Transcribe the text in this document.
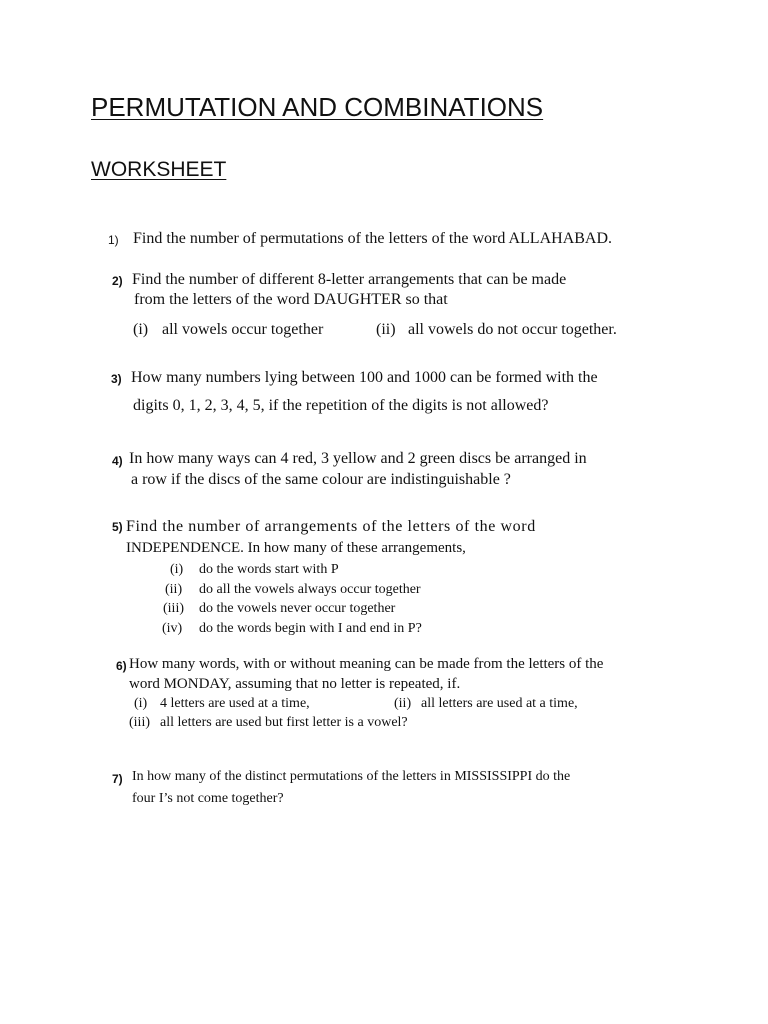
PERMUTATION AND COMBINATIONS
WORKSHEET
1) Find the number of permutations of the letters of the word ALLAHABAD.
2) Find the number of different 8-letter arrangements that can be made
from the letters of the word DAUGHTER so that
(i) all vowels occur together	(ii) all vowels do not occur together.
3) How many numbers lying between 100 and 1000 can be formed with the
digits 0, 1, 2, 3, 4, 5, if the repetition of the digits is not allowed?
4) In how many ways can 4 red, 3 yellow and 2 green discs be arranged in
a row if the discs of the same colour are indistinguishable ?
5) Find the number of arrangements of the letters of the word
INDEPENDENCE. In how many of these arrangements,
(i) do the words start with P
(ii) do all the vowels always occur together
(iii) do the vowels never occur together
(iv) do the words begin with I and end in P?
6) How many words, with or without meaning can be made from the letters of the
word MONDAY, assuming that no letter is repeated, if.
(i) 4 letters are used at a time,	(ii) all letters are used at a time,
(iii) all letters are used but first letter is a vowel?
7) In how many of the distinct permutations of the letters in MISSISSIPPI do the
four I’s not come together?
